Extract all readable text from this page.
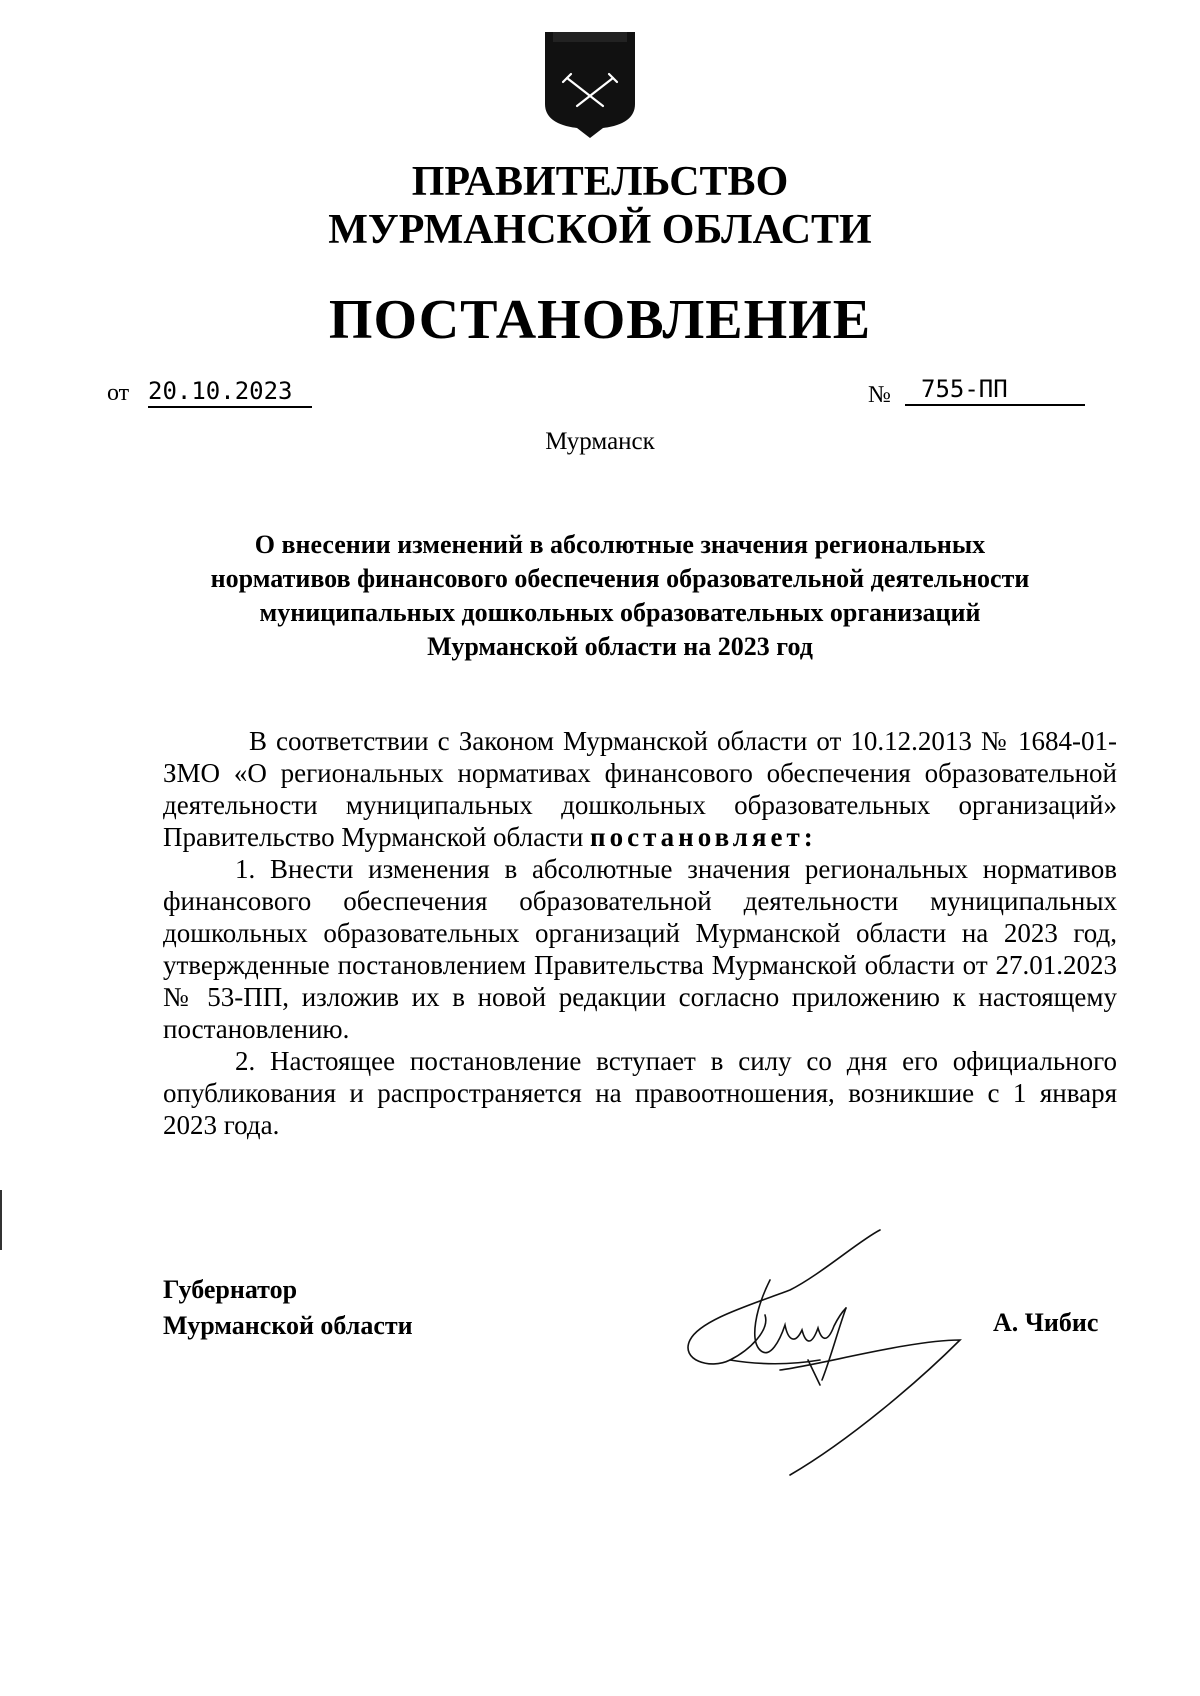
ПРАВИТЕЛЬСТВО
МУРМАНСКОЙ ОБЛАСТИ
ПОСТАНОВЛЕНИЕ
от 20.10.2023	№	755-ПП
Мурманск
О внесении изменений в абсолютные значения региональных
нормативов финансового обеспечения образовательной деятельности
муниципальных дошкольных образовательных организаций
Мурманской области на 2023 год
В соответствии с Законом Мурманской области от 10.12.2013 № 1684-01-ЗМО «О региональных нормативах финансового обеспечения образовательной деятельности муниципальных дошкольных образовательных организаций» Правительство Мурманской области постановляет:
1. Внести изменения в абсолютные значения региональных нормативов финансового обеспечения образовательной деятельности муниципальных дошкольных образовательных организаций Мурманской области на 2023 год, утвержденные постановлением Правительства Мурманской области от 27.01.2023 № 53-ПП, изложив их в новой редакции согласно приложению к настоящему постановлению.
2. Настоящее постановление вступает в силу со дня его официального опубликования и распространяется на правоотношения, возникшие с 1 января 2023 года.
Губернатор
Мурманской области	А. Чибис
